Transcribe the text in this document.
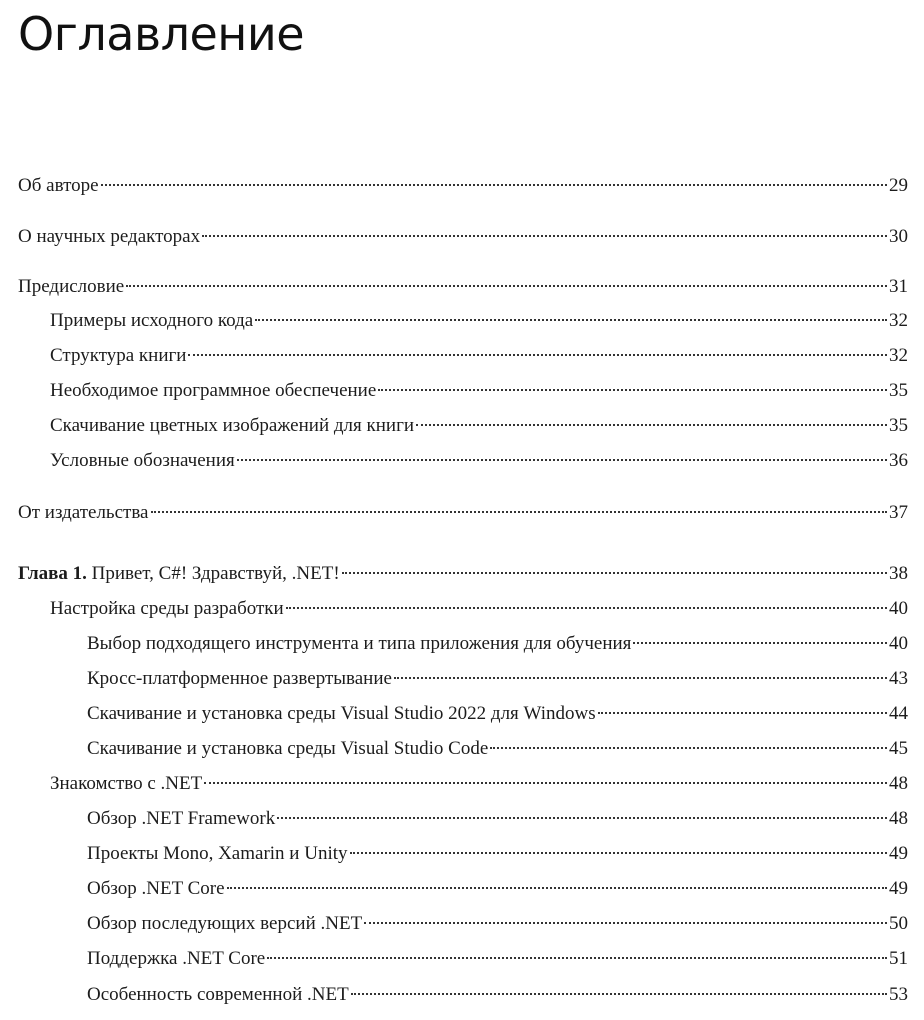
Оглавление
Об авторе	29
О научных редакторах	30
Предисловие	31
Примеры исходного кода	32
Структура книги	32
Необходимое программное обеспечение	35
Скачивание цветных изображений для книги	35
Условные обозначения	36
От издательства	37
Глава 1. Привет, C#! Здравствуй, .NET!	38
Настройка среды разработки	40
Выбор подходящего инструмента и типа приложения для обучения	40
Кросс-платформенное развертывание	43
Скачивание и установка среды Visual Studio 2022 для Windows	44
Скачивание и установка среды Visual Studio Code	45
Знакомство с .NET	48
Обзор .NET Framework	48
Проекты Mono, Xamarin и Unity	49
Обзор .NET Core	49
Обзор последующих версий .NET	50
Поддержка .NET Core	51
Особенность современной .NET	53
